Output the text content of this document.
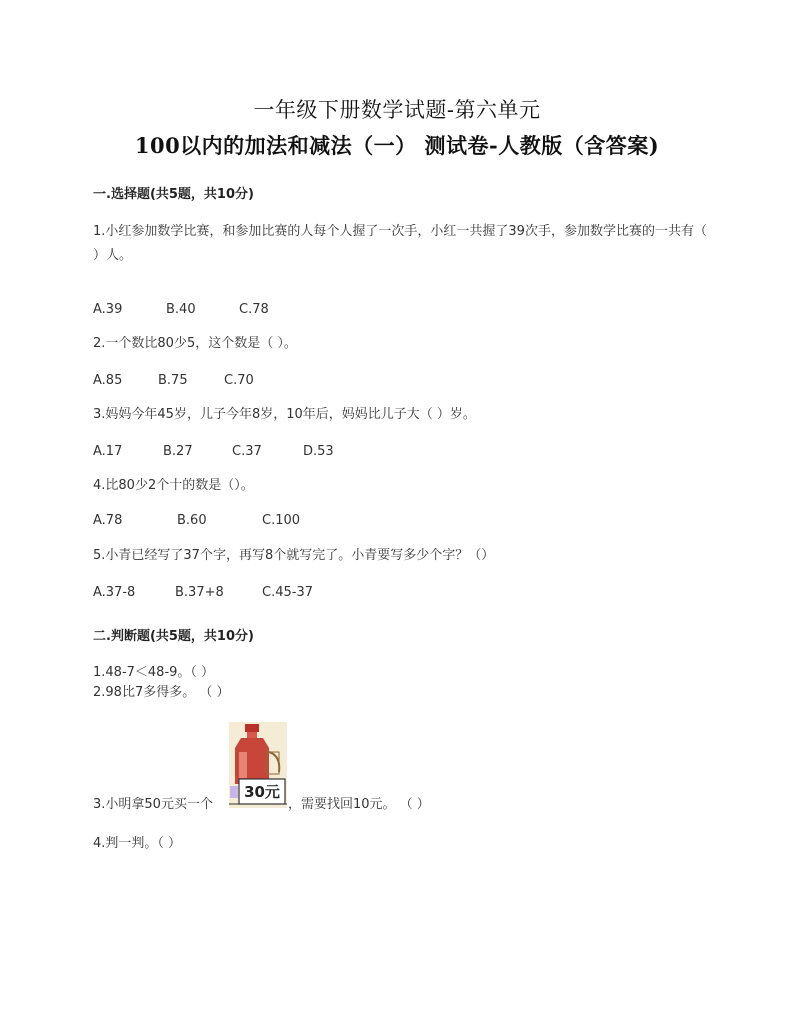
一年级下册数学试题-第六单元
100以内的加法和减法（一） 测试卷-人教版（含答案)
一.选择题(共5题，共10分)
1.小红参加数学比赛，和参加比赛的人每个人握了一次手，小红一共握了39次手，参加数学比赛的一共有（ ）人。
A.39	B.40	C.78
2.一个数比80少5，这个数是（ ）。
A.85	B.75	C.70
3.妈妈今年45岁，儿子今年8岁，10年后，妈妈比儿子大（ ）岁。
A.17	B.27	C.37	D.53
4.比80少2个十的数是（）。
A.78	B.60	C.100
5.小青已经写了37个字，再写8个就写完了。小青要写多少个字？（）
A.37-8	B.37+8	C.45-37
二.判断题(共5题，共10分)
1.48-7＜48-9。（ ）
2.98比7多得多。 （ ）
30元
3.小明拿50元买一个	，需要找回10元。 （ ）
4.判一判。（ ）
